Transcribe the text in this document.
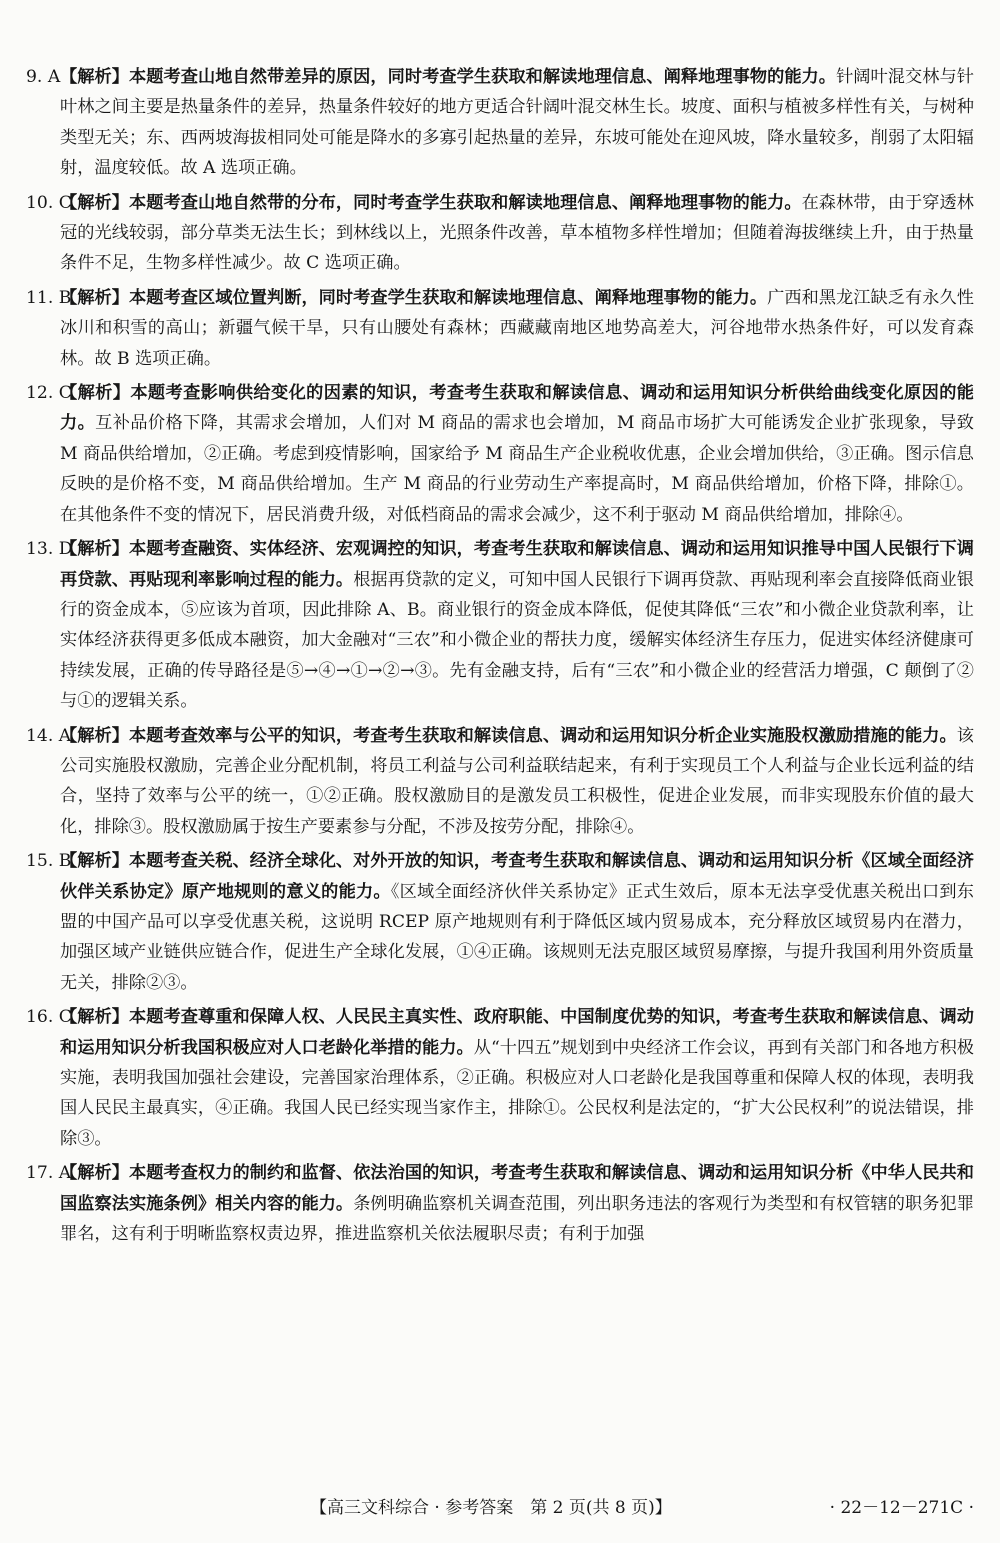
9. A 【解析】本题考查山地自然带差异的原因，同时考查学生获取和解读地理信息、阐释地理事物的能力。针阔叶混交林与针叶林之间主要是热量条件的差异，热量条件较好的地方更适合针阔叶混交林生长。坡度、面积与植被多样性有关，与树种类型无关；东、西两坡海拔相同处可能是降水的多寡引起热量的差异，东坡可能处在迎风坡，降水量较多，削弱了太阳辐射，温度较低。故 A 选项正确。
10. C
【解析】本题考查山地自然带的分布，同时考查学生获取和解读地理信息、阐释地理事物的能力。在森林带，由于穿透林冠的光线较弱，部分草类无法生长；到林线以上，光照条件改善，草本植物多样性增加；但随着海拔继续上升，由于热量条件不足，生物多样性减少。故 C 选项正确。
11. B
【解析】本题考查区域位置判断，同时考查学生获取和解读地理信息、阐释地理事物的能力。广西和黑龙江缺乏有永久性冰川和积雪的高山；新疆气候干旱，只有山腰处有森林；西藏藏南地区地势高差大，河谷地带水热条件好，可以发育森林。故 B 选项正确。
12. C
【解析】本题考查影响供给变化的因素的知识，考查考生获取和解读信息、调动和运用知识分析供给曲线变化原因的能力。互补品价格下降，其需求会增加，人们对 M 商品的需求也会增加，M 商品市场扩大可能诱发企业扩张现象，导致 M 商品供给增加，②正确。考虑到疫情影响，国家给予 M 商品生产企业税收优惠，企业会增加供给，③正确。图示信息反映的是价格不变，M 商品供给增加。生产 M 商品的行业劳动生产率提高时，M 商品供给增加，价格下降，排除①。在其他条件不变的情况下，居民消费升级，对低档商品的需求会减少，这不利于驱动 M 商品供给增加，排除④。
13. D
【解析】本题考查融资、实体经济、宏观调控的知识，考查考生获取和解读信息、调动和运用知识推导中国人民银行下调再贷款、再贴现利率影响过程的能力。根据再贷款的定义，可知中国人民银行下调再贷款、再贴现利率会直接降低商业银行的资金成本，⑤应该为首项，因此排除 A、B。商业银行的资金成本降低，促使其降低“三农”和小微企业贷款利率，让实体经济获得更多低成本融资，加大金融对“三农”和小微企业的帮扶力度，缓解实体经济生存压力，促进实体经济健康可持续发展，正确的传导路径是⑤→④→①→②→③。先有金融支持，后有“三农”和小微企业的经营活力增强，C 颠倒了②与①的逻辑关系。
14. A
【解析】本题考查效率与公平的知识，考查考生获取和解读信息、调动和运用知识分析企业实施股权激励措施的能力。该公司实施股权激励，完善企业分配机制，将员工利益与公司利益联结起来，有利于实现员工个人利益与企业长远利益的结合，坚持了效率与公平的统一，①②正确。股权激励目的是激发员工积极性，促进企业发展，而非实现股东价值的最大化，排除③。股权激励属于按生产要素参与分配，不涉及按劳分配，排除④。
15. B
【解析】本题考查关税、经济全球化、对外开放的知识，考查考生获取和解读信息、调动和运用知识分析《区域全面经济伙伴关系协定》原产地规则的意义的能力。《区域全面经济伙伴关系协定》正式生效后，原本无法享受优惠关税出口到东盟的中国产品可以享受优惠关税，这说明 RCEP 原产地规则有利于降低区域内贸易成本，充分释放区域贸易内在潜力，加强区域产业链供应链合作，促进生产全球化发展，①④正确。该规则无法克服区域贸易摩擦，与提升我国利用外资质量无关，排除②③。
16. C
【解析】本题考查尊重和保障人权、人民民主真实性、政府职能、中国制度优势的知识，考查考生获取和解读信息、调动和运用知识分析我国积极应对人口老龄化举措的能力。从“十四五”规划到中央经济工作会议，再到有关部门和各地方积极实施，表明我国加强社会建设，完善国家治理体系，②正确。积极应对人口老龄化是我国尊重和保障人权的体现，表明我国人民民主最真实，④正确。我国人民已经实现当家作主，排除①。公民权利是法定的，“扩大公民权利”的说法错误，排除③。
17. A
【解析】本题考查权力的制约和监督、依法治国的知识，考查考生获取和解读信息、调动和运用知识分析《中华人民共和国监察法实施条例》相关内容的能力。条例明确监察机关调查范围，列出职务违法的客观行为类型和有权管辖的职务犯罪罪名，这有利于明晰监察权责边界，推进监察机关依法履职尽责；有利于加强
【高三文科综合 · 参考答案　第 2 页(共 8 页)】	· 22－12－271C ·
